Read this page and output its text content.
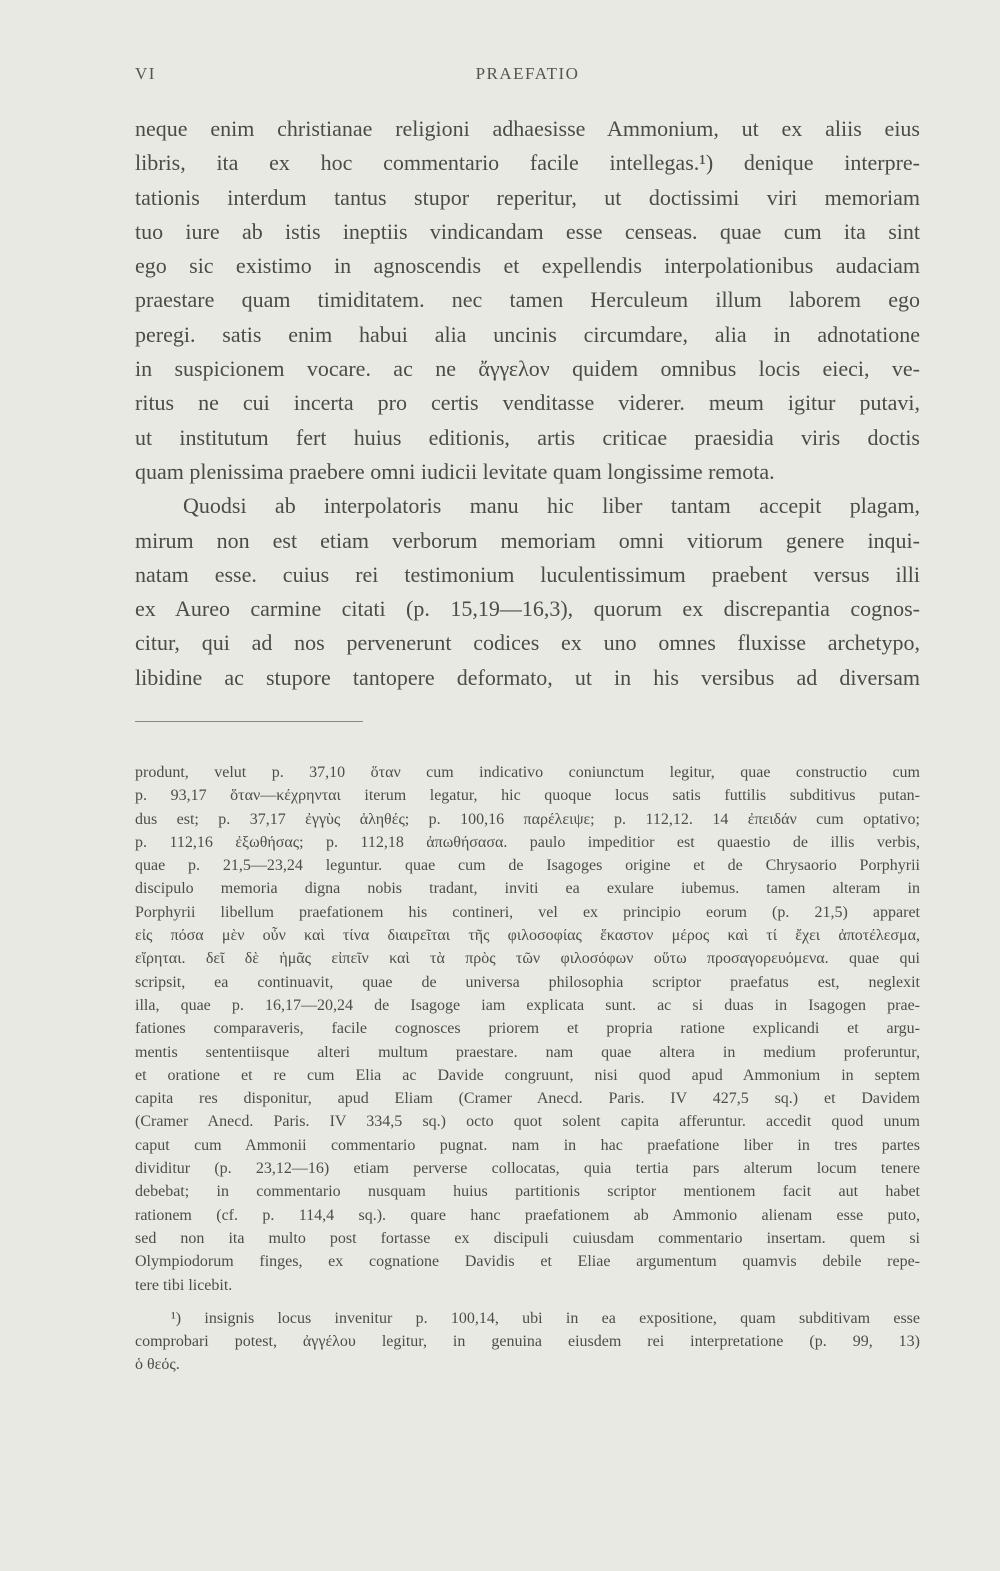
VI	PRAEFATIO
neque enim christianae religioni adhaesisse Ammonium, ut ex aliis eius
libris, ita ex hoc commentario facile intellegas.¹) denique interpre-
tationis interdum tantus stupor reperitur, ut doctissimi viri memoriam
tuo iure ab istis ineptiis vindicandam esse censeas. quae cum ita sint
ego sic existimo in agnoscendis et expellendis interpolationibus audaciam
praestare quam timiditatem. nec tamen Herculeum illum laborem ego
peregi. satis enim habui alia uncinis circumdare, alia in adnotatione
in suspicionem vocare. ac ne ἄγγελον quidem omnibus locis eieci, ve-
ritus ne cui incerta pro certis venditasse viderer. meum igitur putavi,
ut institutum fert huius editionis, artis criticae praesidia viris doctis
quam plenissima praebere omni iudicii levitate quam longissime remota.
Quodsi ab interpolatoris manu hic liber tantam accepit plagam,
mirum non est etiam verborum memoriam omni vitiorum genere inqui-
natam esse. cuius rei testimonium luculentissimum praebent versus illi
ex Aureo carmine citati (p. 15,19—16,3), quorum ex discrepantia cognos-
citur, qui ad nos pervenerunt codices ex uno omnes fluxisse archetypo,
libidine ac stupore tantopere deformato, ut in his versibus ad diversam
produnt, velut p. 37,10 ὅταν cum indicativo coniunctum legitur, quae constructio cum
p. 93,17 ὅταν—κέχρηνται iterum legatur, hic quoque locus satis futtilis subditivus putan-
dus est; p. 37,17 ἐγγὺς ἀληθές; p. 100,16 παρέλειψε; p. 112,12. 14 ἐπειδάν cum optativo;
p. 112,16 ἐξωθήσας; p. 112,18 ἀπωθήσασα. paulo impeditior est quaestio de illis verbis,
quae p. 21,5—23,24 leguntur. quae cum de Isagoges origine et de Chrysaorio Porphyrii
discipulo memoria digna nobis tradant, inviti ea exulare iubemus. tamen alteram in
Porphyrii libellum praefationem his contineri, vel ex principio eorum (p. 21,5) apparet
εἰς πόσα μὲν οὖν καὶ τίνα διαιρεῖται τῆς φιλοσοφίας ἕκαστον μέρος καὶ τί ἔχει ἀποτέλεσμα,
εἴρηται. δεῖ δὲ ἡμᾶς εἰπεῖν καὶ τὰ πρὸς τῶν φιλοσόφων οὕτω προσαγορευόμενα. quae qui
scripsit, ea continuavit, quae de universa philosophia scriptor praefatus est, neglexit
illa, quae p. 16,17—20,24 de Isagoge iam explicata sunt. ac si duas in Isagogen prae-
fationes comparaveris, facile cognosces priorem et propria ratione explicandi et argu-
mentis sententiisque alteri multum praestare. nam quae altera in medium proferuntur,
et oratione et re cum Elia ac Davide congruunt, nisi quod apud Ammonium in septem
capita res disponitur, apud Eliam (Cramer Anecd. Paris. IV 427,5 sq.) et Davidem
(Cramer Anecd. Paris. IV 334,5 sq.) octo quot solent capita afferuntur. accedit quod unum
caput cum Ammonii commentario pugnat. nam in hac praefatione liber in tres partes
dividitur (p. 23,12—16) etiam perverse collocatas, quia tertia pars alterum locum tenere
debebat; in commentario nusquam huius partitionis scriptor mentionem facit aut habet
rationem (cf. p. 114,4 sq.). quare hanc praefationem ab Ammonio alienam esse puto,
sed non ita multo post fortasse ex discipuli cuiusdam commentario insertam. quem si
Olympiodorum finges, ex cognatione Davidis et Eliae argumentum quamvis debile repe-
tere tibi licebit.
¹) insignis locus invenitur p. 100,14, ubi in ea expositione, quam subditivam esse
comprobari potest, ἀγγέλου legitur, in genuina eiusdem rei interpretatione (p. 99, 13)
ὁ θεός.
